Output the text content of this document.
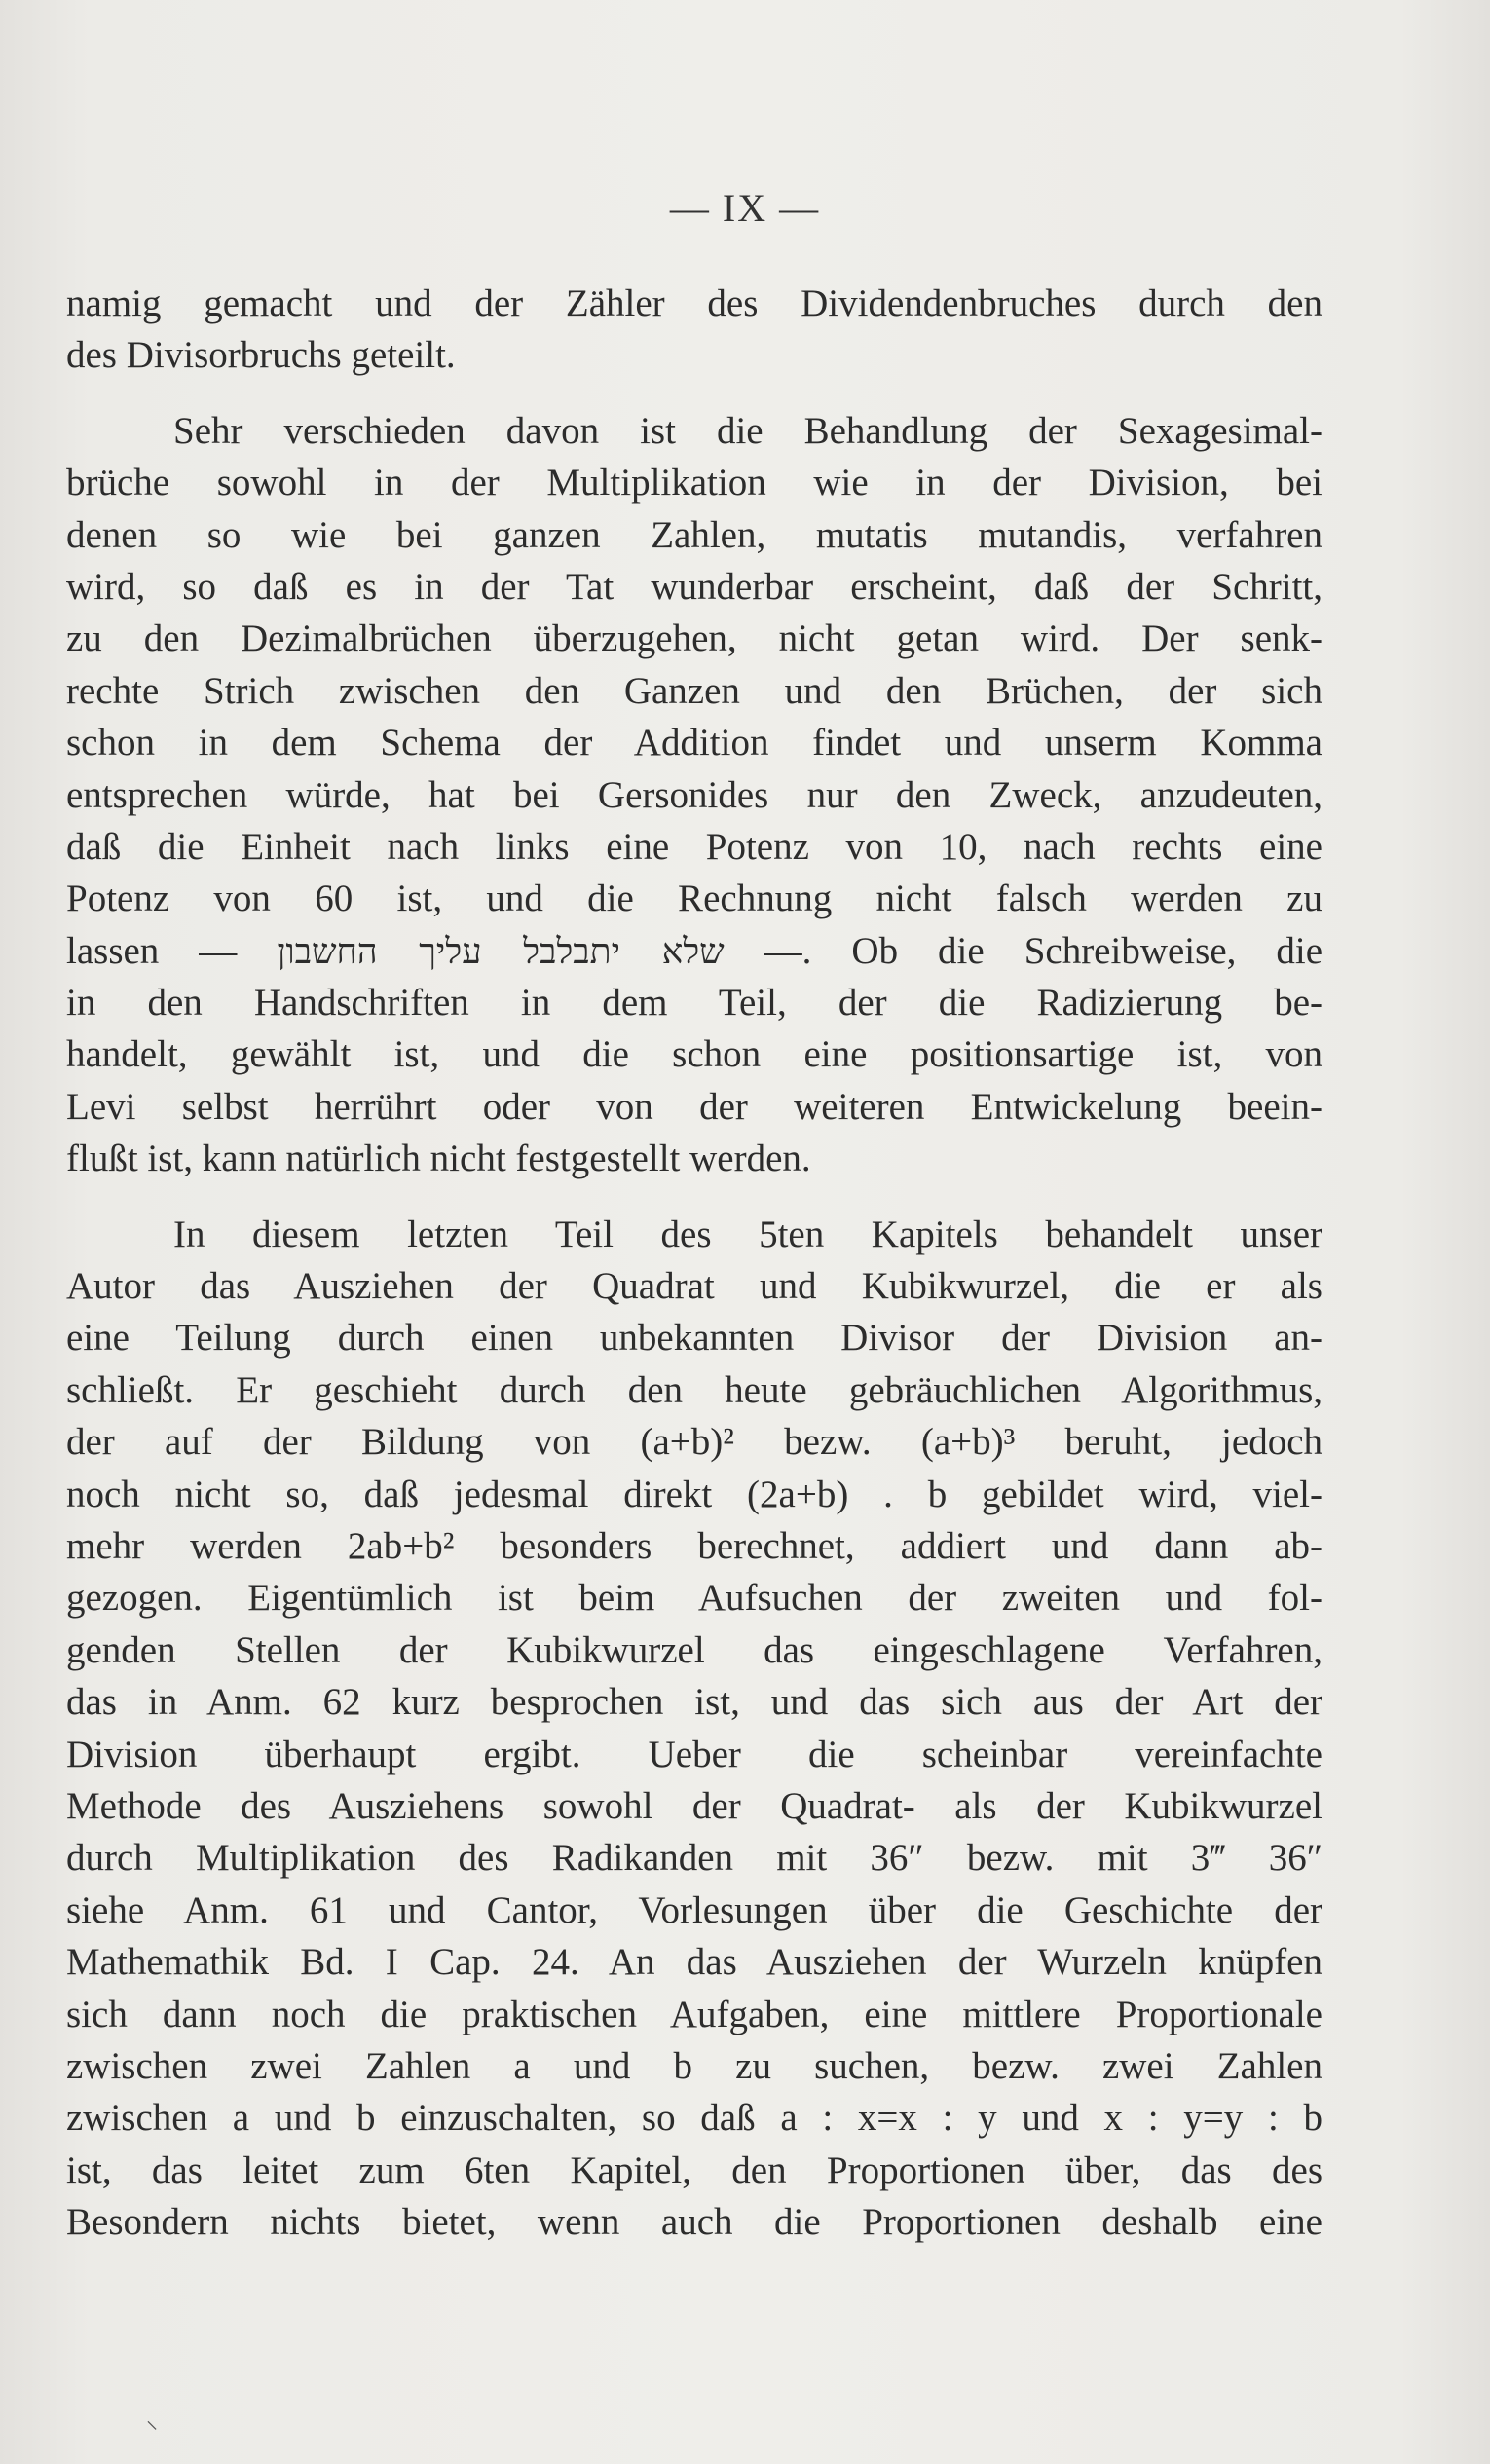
— IX —
namig gemacht und der Zähler des Dividendenbruches durch den
des Divisorbruchs geteilt.
Sehr verschieden davon ist die Behandlung der Sexagesimal-
brüche sowohl in der Multiplikation wie in der Division, bei
denen so wie bei ganzen Zahlen, mutatis mutandis, verfahren
wird, so daß es in der Tat wunderbar erscheint, daß der Schritt,
zu den Dezimalbrüchen überzugehen, nicht getan wird. Der senk-
rechte Strich zwischen den Ganzen und den Brüchen, der sich
schon in dem Schema der Addition findet und unserm Komma
entsprechen würde, hat bei Gersonides nur den Zweck, anzudeuten,
daß die Einheit nach links eine Potenz von 10, nach rechts eine
Potenz von 60 ist, und die Rechnung nicht falsch werden zu
lassen — שלא יתבלבל עליך החשבון —. Ob die Schreibweise, die
in den Handschriften in dem Teil, der die Radizierung be-
handelt, gewählt ist, und die schon eine positionsartige ist, von
Levi selbst herrührt oder von der weiteren Entwickelung beein-
flußt ist, kann natürlich nicht festgestellt werden.
In diesem letzten Teil des 5ten Kapitels behandelt unser
Autor das Ausziehen der Quadrat und Kubikwurzel, die er als
eine Teilung durch einen unbekannten Divisor der Division an-
schließt. Er geschieht durch den heute gebräuchlichen Algorithmus,
der auf der Bildung von (a+b)² bezw. (a+b)³ beruht, jedoch
noch nicht so, daß jedesmal direkt (2a+b) . b gebildet wird, viel-
mehr werden 2ab+b² besonders berechnet, addiert und dann ab-
gezogen. Eigentümlich ist beim Aufsuchen der zweiten und fol-
genden Stellen der Kubikwurzel das eingeschlagene Verfahren,
das in Anm. 62 kurz besprochen ist, und das sich aus der Art der
Division überhaupt ergibt. Ueber die scheinbar vereinfachte
Methode des Ausziehens sowohl der Quadrat- als der Kubikwurzel
durch Multiplikation des Radikanden mit 36″ bezw. mit 3‴ 36″
siehe Anm. 61 und Cantor, Vorlesungen über die Geschichte der
Mathemathik Bd. I Cap. 24. An das Ausziehen der Wurzeln knüpfen
sich dann noch die praktischen Aufgaben, eine mittlere Proportionale
zwischen zwei Zahlen a und b zu suchen, bezw. zwei Zahlen
zwischen a und b einzuschalten, so daß a : x=x : y und x : y=y : b
ist, das leitet zum 6ten Kapitel, den Proportionen über, das des
Besondern nichts bietet, wenn auch die Proportionen deshalb eine
⸌
